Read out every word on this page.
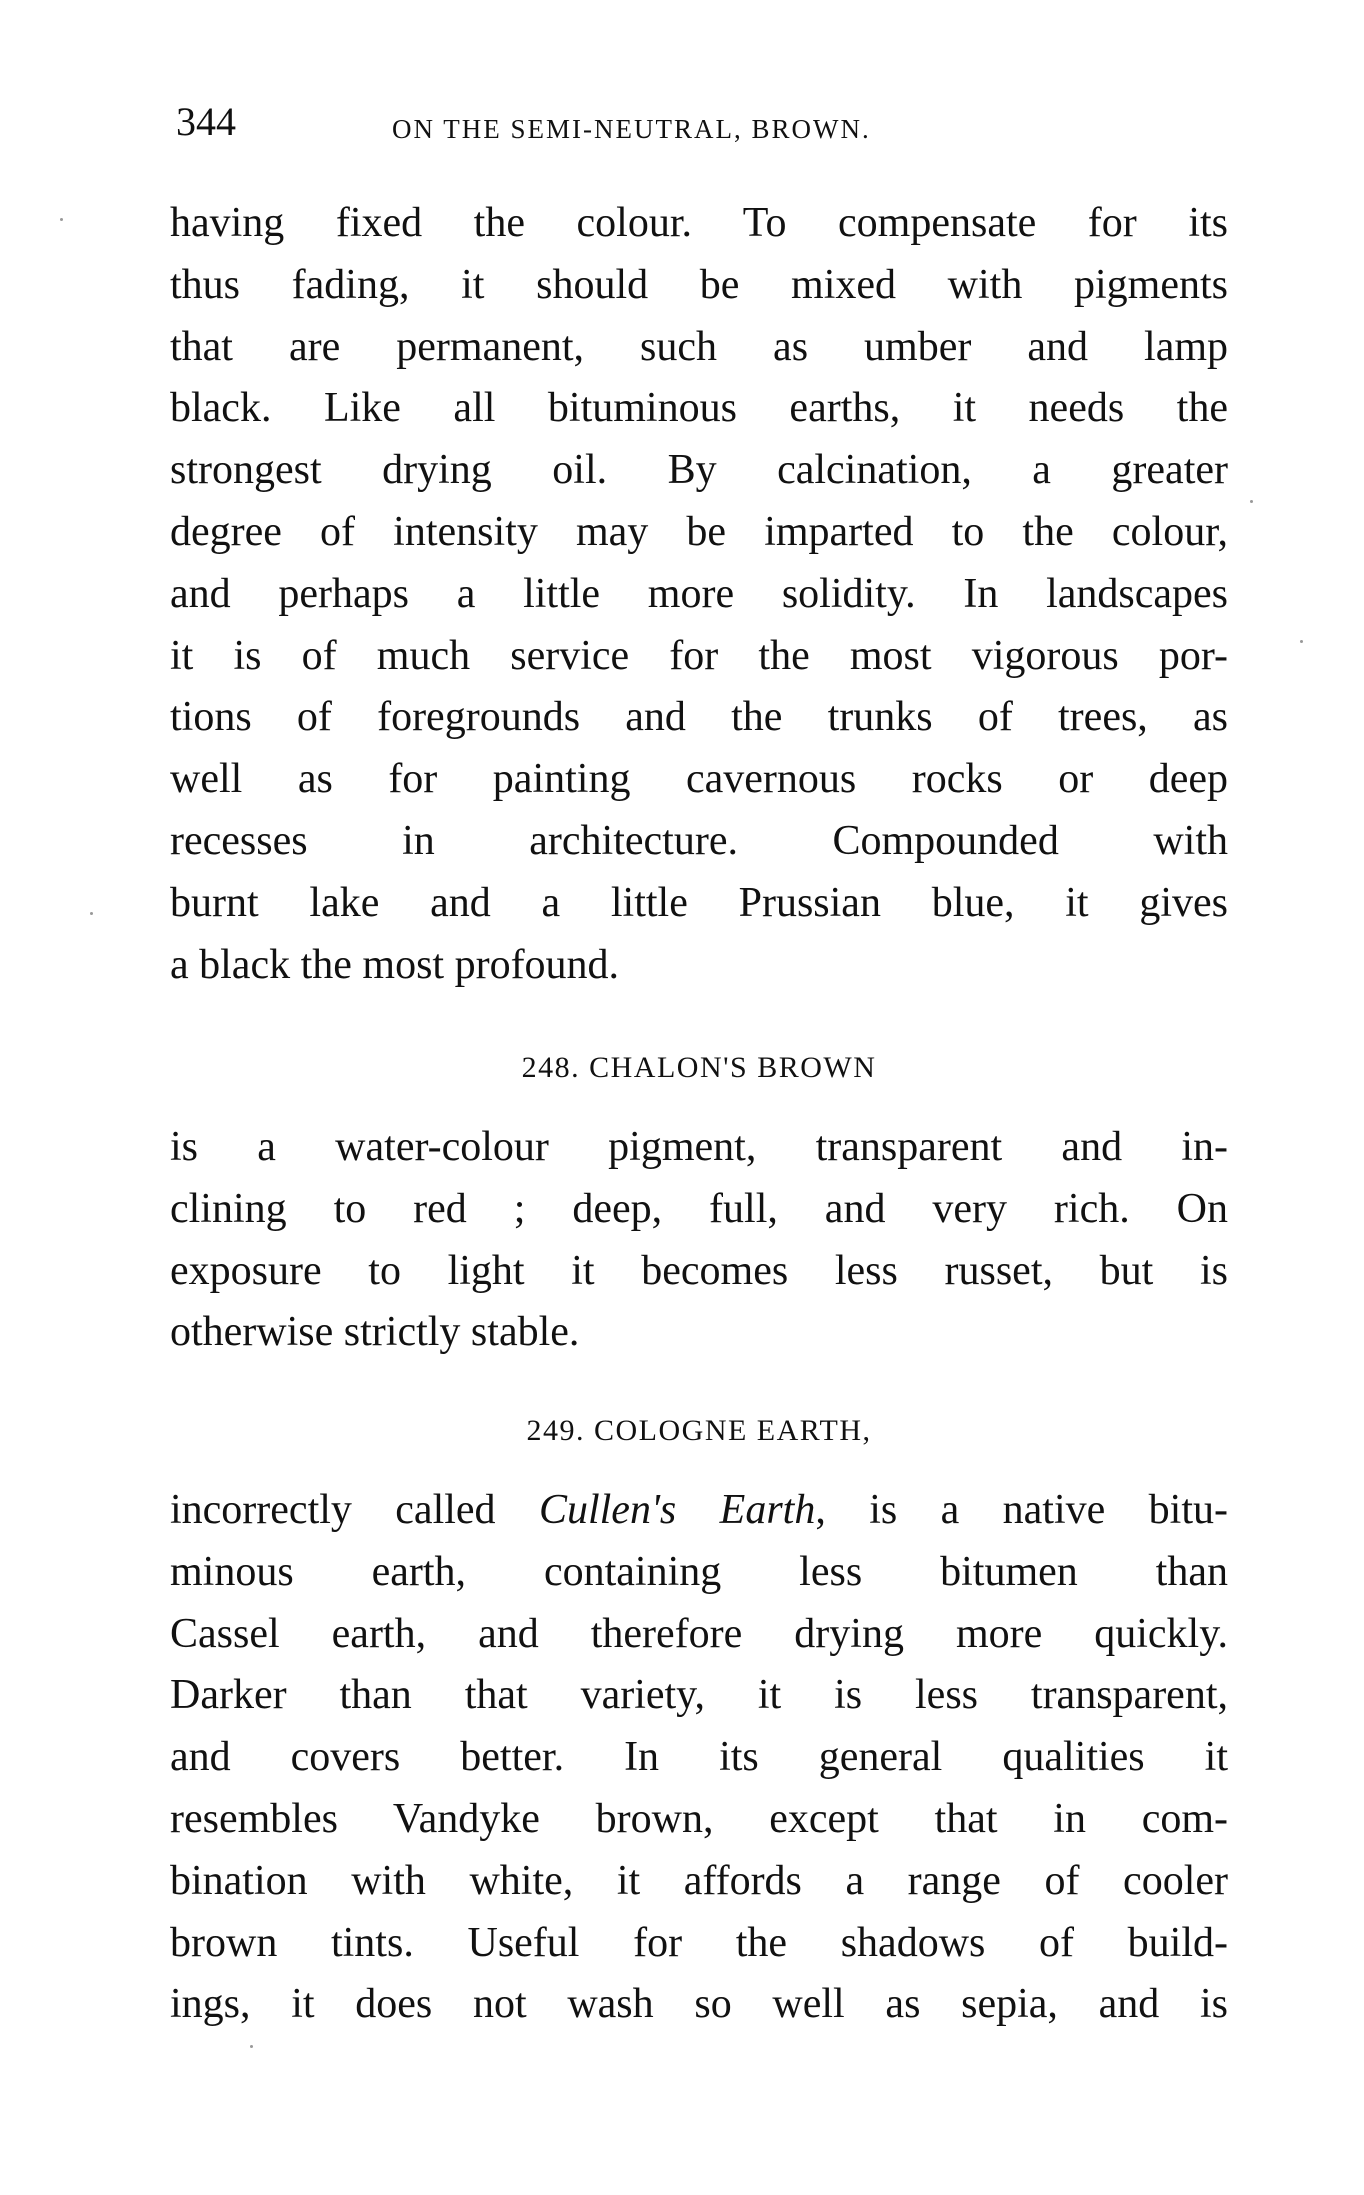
344	ON THE SEMI-NEUTRAL, BROWN.
having fixed the colour. To compensate for its
thus fading, it should be mixed with pigments
that are permanent, such as umber and lamp
black. Like all bituminous earths, it needs the
strongest drying oil. By calcination, a greater
degree of intensity may be imparted to the colour,
and perhaps a little more solidity. In landscapes
it is of much service for the most vigorous por-
tions of foregrounds and the trunks of trees, as
well as for painting cavernous rocks or deep
recesses in architecture. Compounded with
burnt lake and a little Prussian blue, it gives
a black the most profound.
248. CHALON'S BROWN
is a water-colour pigment, transparent and in-
clining to red ; deep, full, and very rich. On
exposure to light it becomes less russet, but is
otherwise strictly stable.
249. COLOGNE EARTH,
incorrectly called Cullen's Earth, is a native bitu-
minous earth, containing less bitumen than
Cassel earth, and therefore drying more quickly.
Darker than that variety, it is less transparent,
and covers better. In its general qualities it
resembles Vandyke brown, except that in com-
bination with white, it affords a range of cooler
brown tints. Useful for the shadows of build-
ings, it does not wash so well as sepia, and is
